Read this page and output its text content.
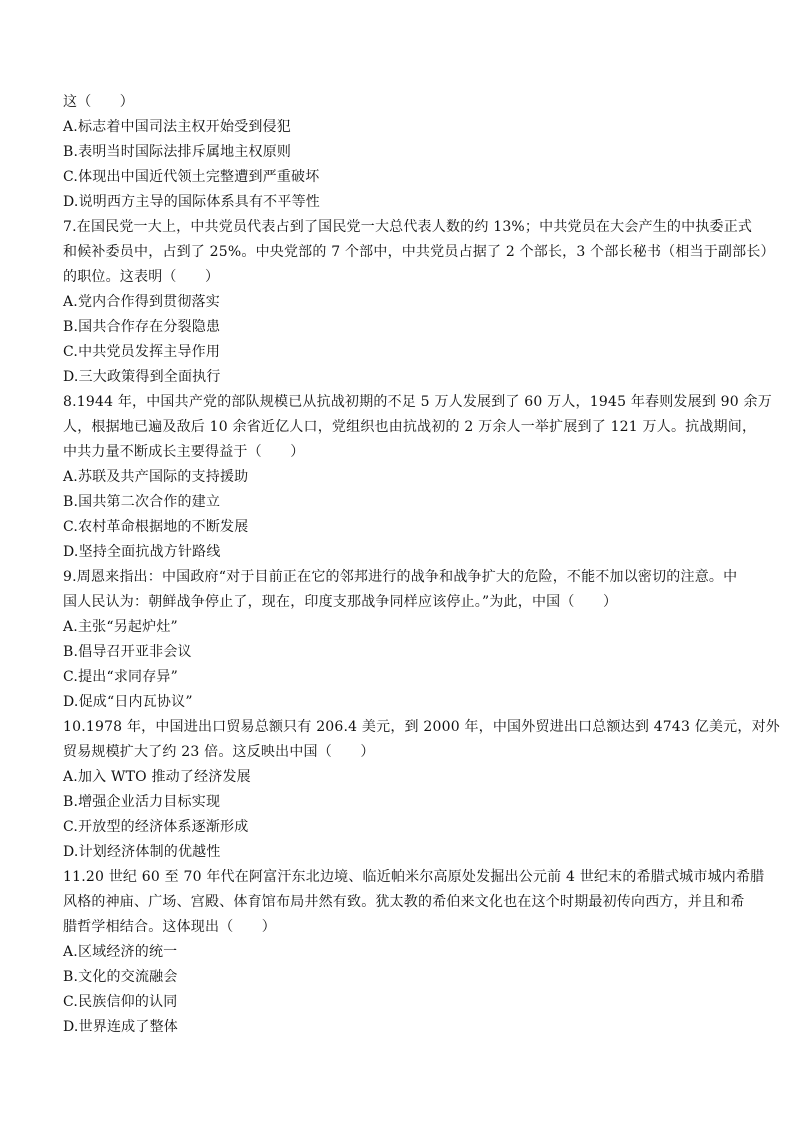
这（　　）
A.标志着中国司法主权开始受到侵犯
B.表明当时国际法排斥属地主权原则
C.体现出中国近代领土完整遭到严重破坏
D.说明西方主导的国际体系具有不平等性
7.在国民党一大上，中共党员代表占到了国民党一大总代表人数的约 13%；中共党员在大会产生的中执委正式
和候补委员中，占到了 25%。中央党部的 7 个部中，中共党员占据了 2 个部长，3 个部长秘书（相当于副部长）
的职位。这表明（　　）
A.党内合作得到贯彻落实
B.国共合作存在分裂隐患
C.中共党员发挥主导作用
D.三大政策得到全面执行
8.1944 年，中国共产党的部队规模已从抗战初期的不足 5 万人发展到了 60 万人，1945 年春则发展到 90 余万
人，根据地已遍及敌后 10 余省近亿人口，党组织也由抗战初的 2 万余人一举扩展到了 121 万人。抗战期间，
中共力量不断成长主要得益于（　　）
A.苏联及共产国际的支持援助
B.国共第二次合作的建立
C.农村革命根据地的不断发展
D.坚持全面抗战方针路线
9.周恩来指出：中国政府“对于目前正在它的邻邦进行的战争和战争扩大的危险，不能不加以密切的注意。中
国人民认为：朝鲜战争停止了，现在，印度支那战争同样应该停止。”为此，中国（　　）
A.主张“另起炉灶”
B.倡导召开亚非会议
C.提出“求同存异”
D.促成“日内瓦协议”
10.1978 年，中国进出口贸易总额只有 206.4 美元，到 2000 年，中国外贸进出口总额达到 4743 亿美元，对外
贸易规模扩大了约 23 倍。这反映出中国（　　）
A.加入 WTO 推动了经济发展
B.增强企业活力目标实现
C.开放型的经济体系逐渐形成
D.计划经济体制的优越性
11.20 世纪 60 至 70 年代在阿富汗东北边境、临近帕米尔高原处发掘出公元前 4 世纪末的希腊式城市城内希腊
风格的神庙、广场、宫殿、体育馆布局井然有致。犹太教的希伯来文化也在这个时期最初传向西方，并且和希
腊哲学相结合。这体现出（　　）
A.区域经济的统一
B.文化的交流融会
C.民族信仰的认同
D.世界连成了整体
